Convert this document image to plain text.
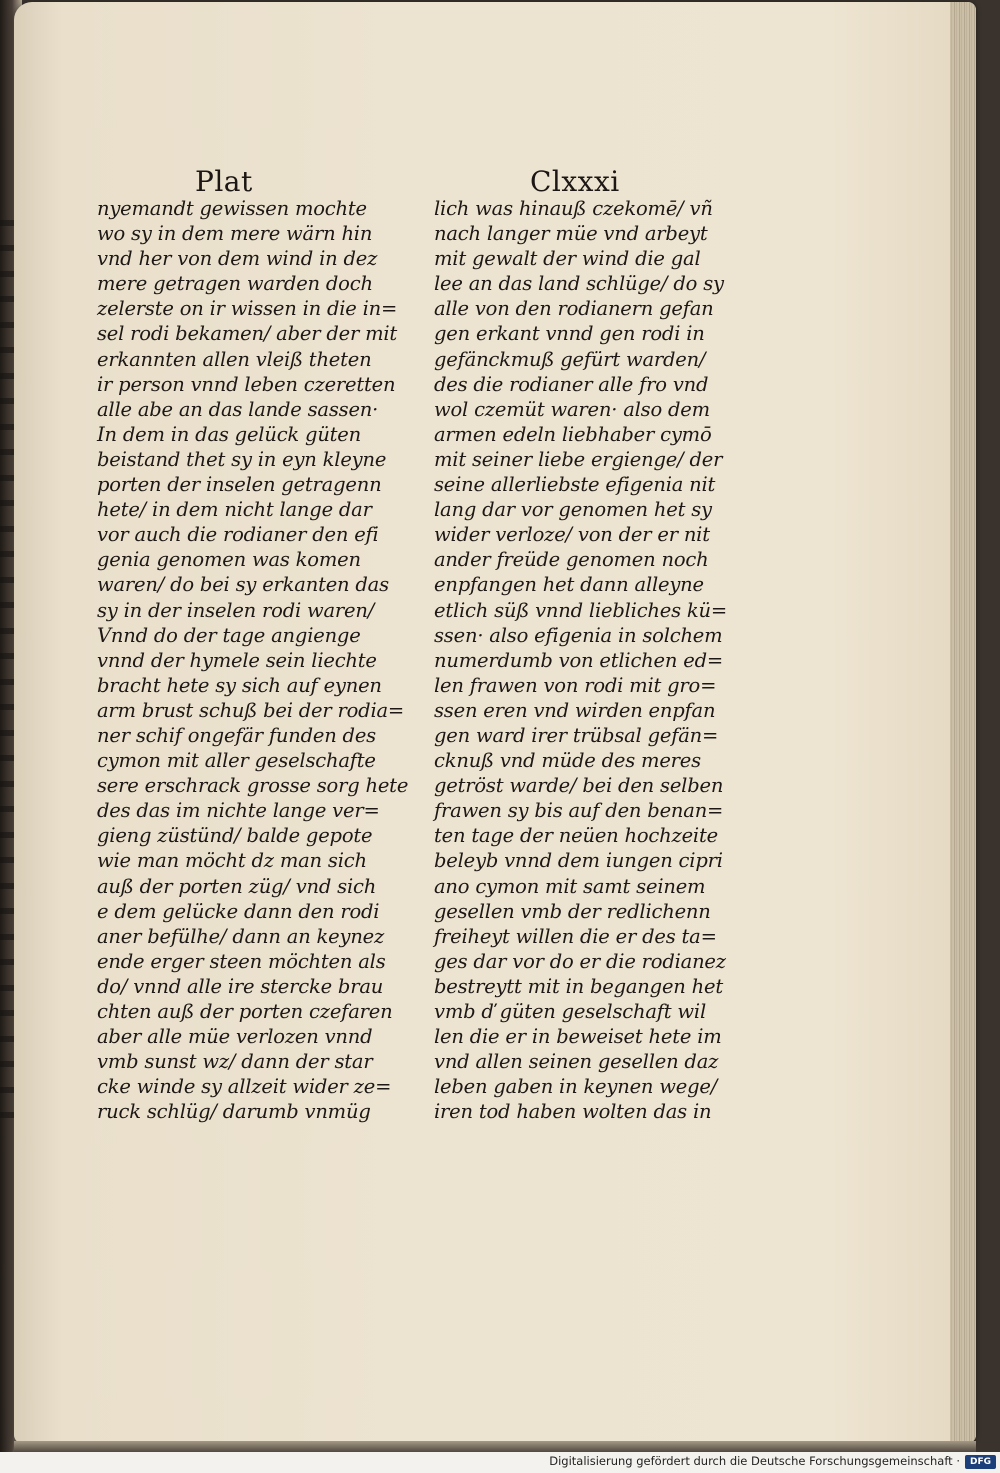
Plat	Clxxxi
nyemandt gewissen mochte
wo sy in dem mere wärn hin
vnd her von dem wind in dez
mere getragen warden doch
zelerste on ir wissen in die in=
sel rodi bekamen/ aber der mit
erkannten allen vleiß theten
ir person vnnd leben czeretten
alle abe an das lande sassen·
In dem in das gelück güten
beistand thet sy in eyn kleyne
porten der inselen getragenn
hete/ in dem nicht lange dar
vor auch die rodianer den efi
genia genomen was komen
waren/ do bei sy erkanten das
sy in der inselen rodi waren/
Vnnd do der tage angienge
vnnd der hymele sein liechte
bracht hete sy sich auf eynen
arm brust schuß bei der rodia=
ner schif ongefär funden des
cymon mit aller geselschafte
sere erschrack grosse sorg hete
des das im nichte lange ver=
gieng züstünd/ balde gepote
wie man möcht dz man sich
auß der porten züg/ vnd sich
e dem gelücke dann den rodi
aner befülhe/ dann an keynez
ende erger steen möchten als
do/ vnnd alle ire stercke brau
chten auß der porten czefaren
aber alle müe verlozen vnnd
vmb sunst wz/ dann der star
cke winde sy allzeit wider ze=
ruck schlüg/ darumb vnmüg
lich was hinauß czekomē/ vñ
nach langer müe vnd arbeyt
mit gewalt der wind die gal
lee an das land schlüge/ do sy
alle von den rodianern gefan
gen erkant vnnd gen rodi in
gefänckmuß gefürt warden/
des die rodianer alle fro vnd
wol czemüt waren· also dem
armen edeln liebhaber cymō
mit seiner liebe ergienge/ der
seine allerliebste efigenia nit
lang dar vor genomen het sy
wider verloze/ von der er nit
ander freüde genomen noch
enpfangen het dann alleyne
etlich süß vnnd liebliches kü=
ssen· also efigenia in solchem
numerdumb von etlichen ed=
len frawen von rodi mit gro=
ssen eren vnd wirden enpfan
gen ward irer trübsal gefän=
cknuß vnd müde des meres
getröst warde/ bei den selben
frawen sy bis auf den benan=
ten tage der neüen hochzeite
beleyb vnnd dem iungen cipri
ano cymon mit samt seinem
gesellen vmb der redlichenn
freiheyt willen die er des ta=
ges dar vor do er die rodianez
bestreytt mit in begangen het
vmb ď güten geselschaft wil
len die er in beweiset hete im
vnd allen seinen gesellen daz
leben gaben in keynen wege/
iren tod haben wolten das in
Digitalisierung gefördert durch die Deutsche Forschungsgemeinschaft ·	DFG
